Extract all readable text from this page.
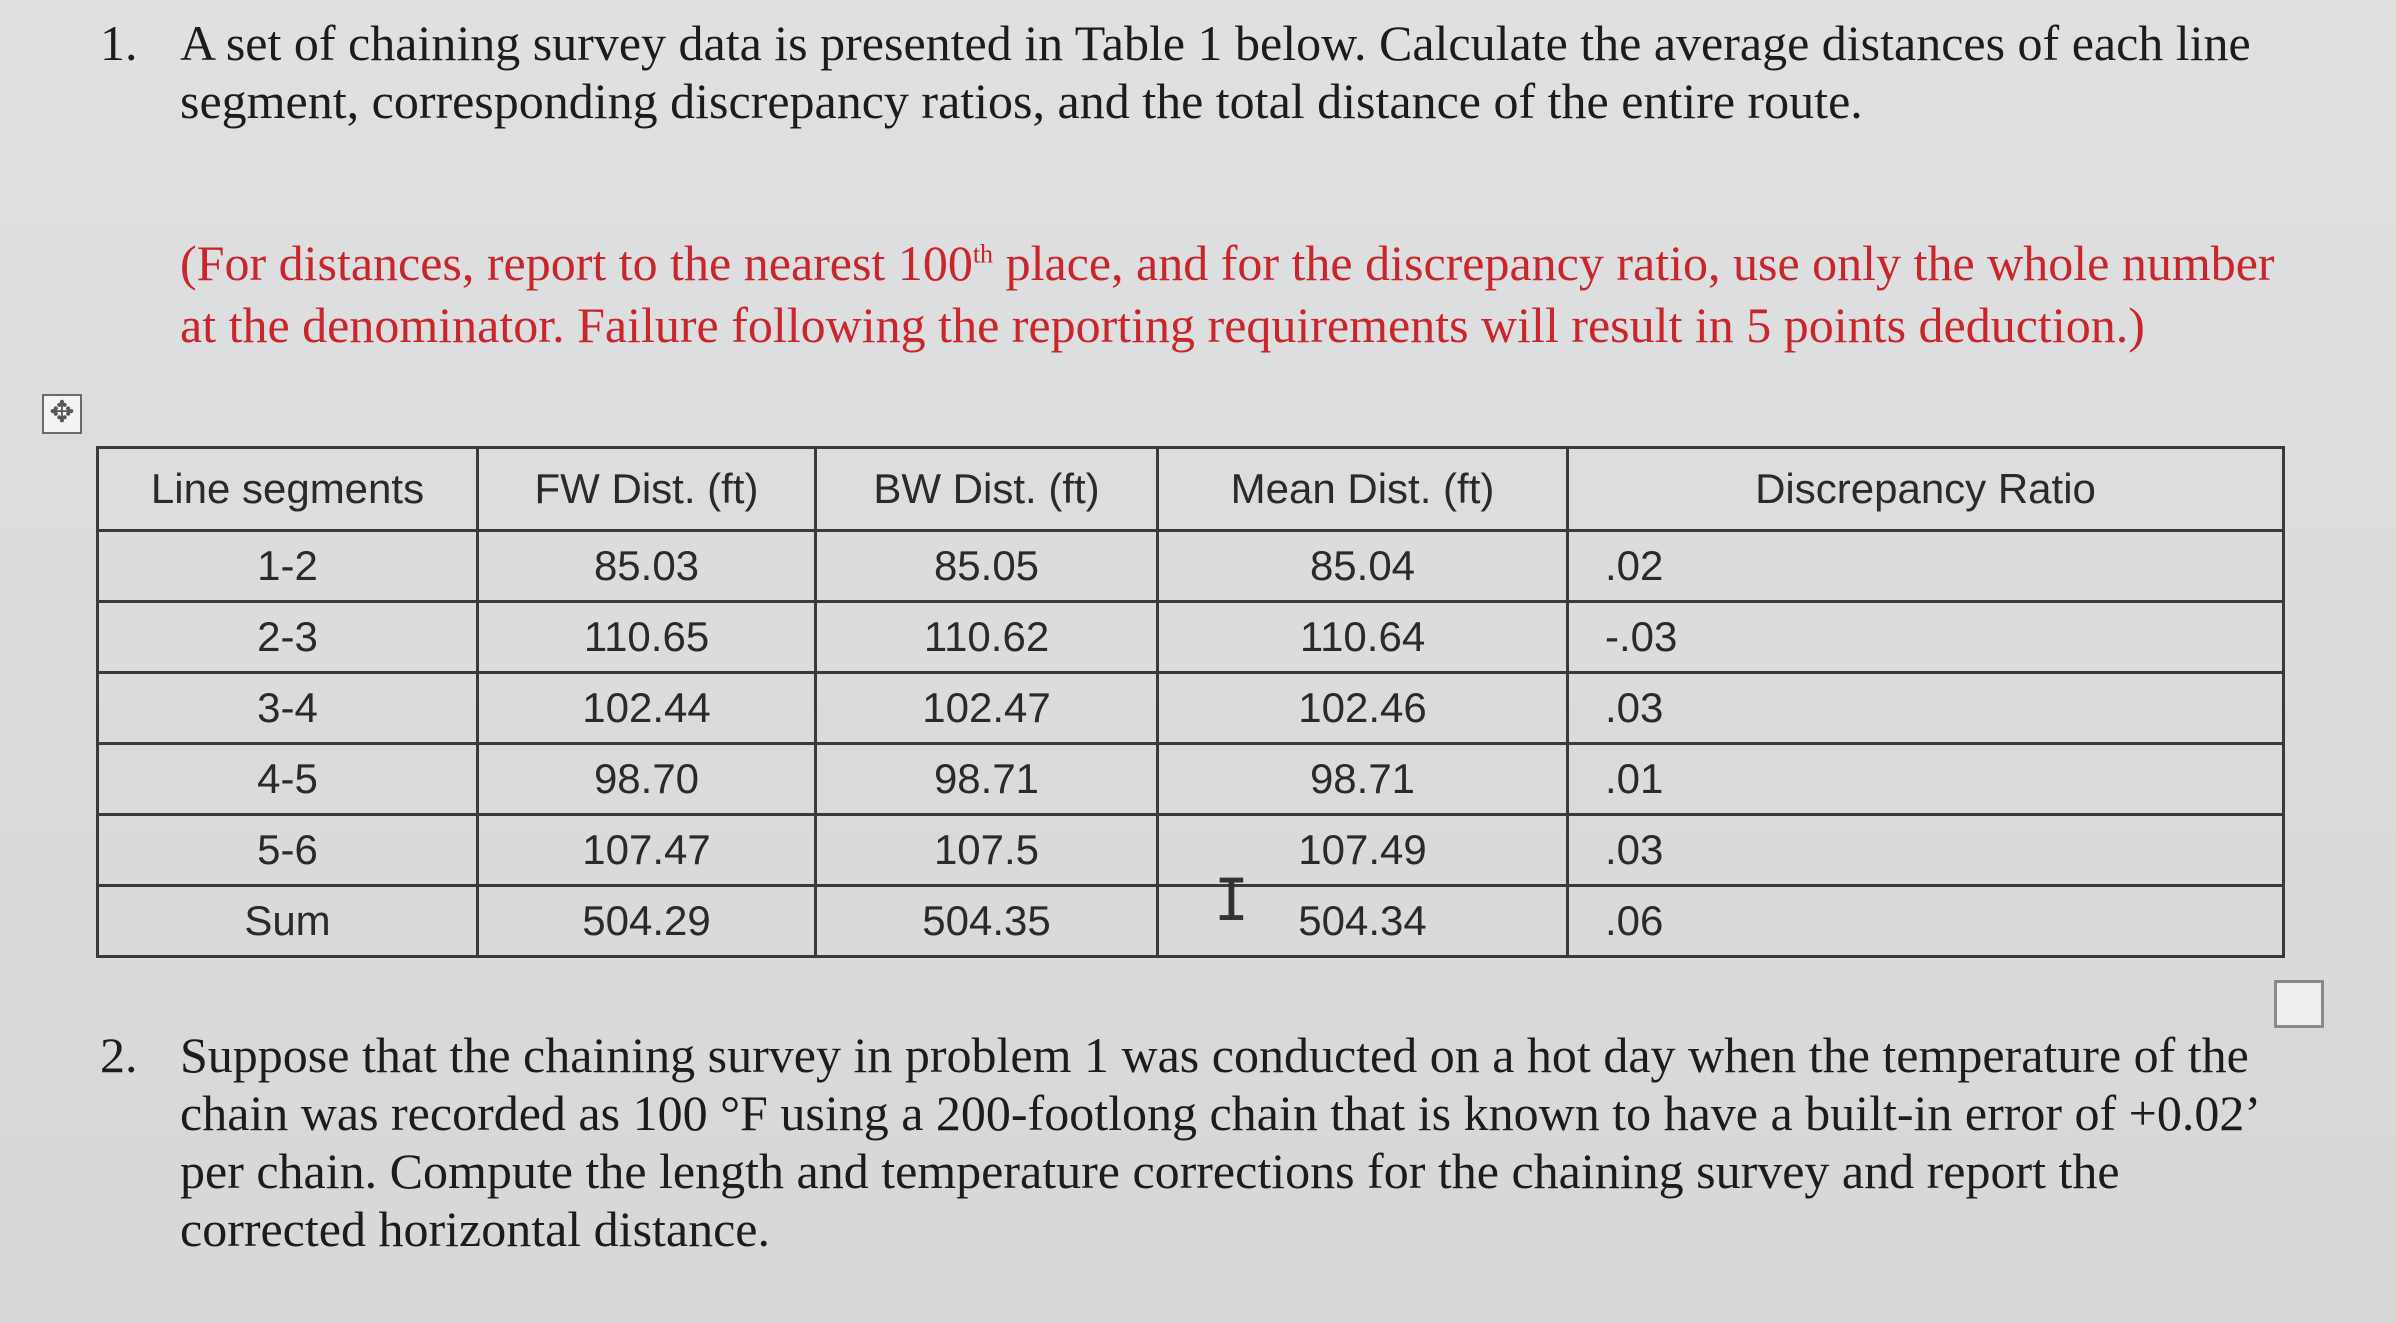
1. A set of chaining survey data is presented in Table 1 below. Calculate the average distances of each line segment, corresponding discrepancy ratios, and the total distance of the entire route.
(For distances, report to the nearest 100th place, and for the discrepancy ratio, use only the whole number at the denominator. Failure following the reporting requirements will result in 5 points deduction.)
✥
Line segments	FW Dist. (ft)	BW Dist. (ft)	Mean Dist. (ft)	Discrepancy Ratio
1-2	85.03	85.05	85.04	.02
2-3	110.65	110.62	110.64	-.03
3-4	102.44	102.47	102.46	.03
4-5	98.70	98.71	98.71	.01
5-6	107.47	107.5	107.49	.03
Sum	504.29	504.35	504.34	.06
I
2. Suppose that the chaining survey in problem 1 was conducted on a hot day when the temperature of the chain was recorded as 100 °F using a 200-footlong chain that is known to have a built-in error of +0.02’ per chain. Compute the length and temperature corrections for the chaining survey and report the corrected horizontal distance.
